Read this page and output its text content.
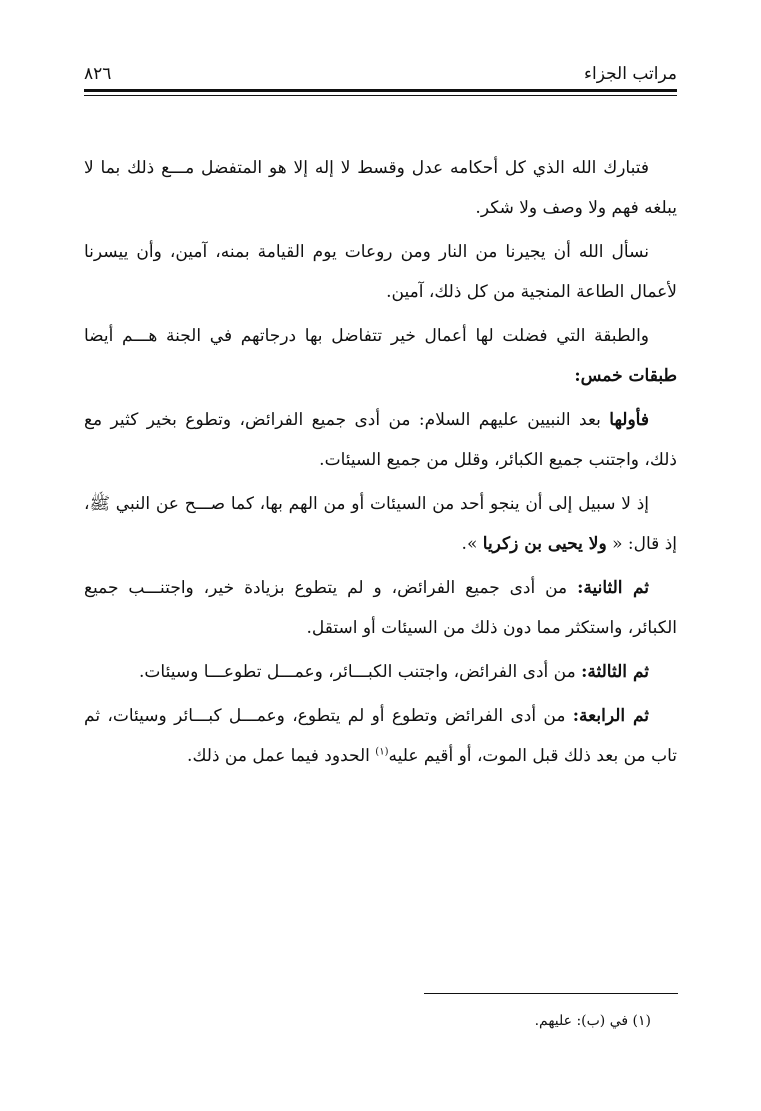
مراتب الجزاء
٨٢٦

فتبارك الله الذي كل أحكامه عدل وقسط لا إله إلا هو المتفضل مـــع ذلك بما لا يبلغه فهم ولا وصف ولا شكر.

نسأل الله أن يجيرنا من النار ومن روعات يوم القيامة بمنه، آمين، وأن ييسرنا لأعمال الطاعة المنجية من كل ذلك، آمين.

والطبقة التي فضلت لها أعمال خير تتفاضل بها درجاتهم في الجنة هـــم أيضا طبقات خمس:

فأولها بعد النبيين عليهم السلام: من أدى جميع الفرائض، وتطوع بخير كثير مع ذلك، واجتنب جميع الكبائر، وقلل من جميع السيئات.

إذ لا سبيل إلى أن ينجو أحد من السيئات أو من الهم بها، كما صـــح عن النبي ﷺ، إذ قال: « ولا يحيى بن زكريا ».

ثم الثانية: من أدى جميع الفرائض، و لم يتطوع بزيادة خير، واجتنـــب جميع الكبائر، واستكثر مما دون ذلك من السيئات أو استقل.

ثم الثالثة: من أدى الفرائض، واجتنب الكبـــائر، وعمـــل تطوعـــا وسيئات.

ثم الرابعة: من أدى الفرائض وتطوع أو لم يتطوع، وعمـــل كبـــائر وسيئات، ثم تاب من بعد ذلك قبل الموت، أو أقيم عليه$^{(١)}$ الحدود فيما عمل من ذلك.

(١) في (ب): عليهم.
